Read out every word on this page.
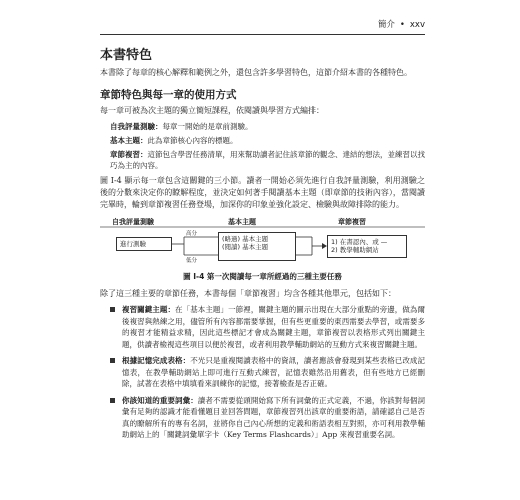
簡介 • xxv
本書特色

本書除了每章的核心解釋和範例之外，還包含許多學習特色，這節介紹本書的各種特色。

章節特色與每一章的使用方式

每一章可被為次主題的獨立簡短課程，依閱讀與學習方式編排：

自我評量測驗：每章一開始的是章前測驗。
基本主題：此為章節核心內容的標題。
章節複習：這節包含學習任務清單，用來幫助讀者記住該章節的觀念、達結的想法，並練習以找巧為主的內容。

圖 I-4 顯示每一章包含這關鍵的三小節。讀者一開始必須先進行自我評量測驗，利用測驗之後的分數來決定你的瞭解程度，並決定如何著手閱讀基本主題（即章節的技術內容），當閱讀完畢時，輪到章節複習任務登場，加深你的印象並強化設定、檢驗與故障排除的能力。

自我評量測驗	基本主題	章節複習
進行測驗
高分
低分
(略過) 基本主題
(閱讀) 基本主題
1) 在書認內、或 —
2) 教學輔助網站
圖 I-4 第一次閱讀每一章所經過的三種主要任務

除了這三種主要的章節任務，本書每個「章節複習」均含各種其他單元，包括如下：

複習關鍵主題：在「基本主題」一節裡，關鍵主題的圖示出現在大部分重點的旁邊，做為爾後複習與熱練之用，儘管所有內容都需要掌握，但有些更重要的東西需要去學習，或需要多的複習才能精益求精，因此這些標記才會成為關鍵主題，章節複習以表格形式列出關鍵主題，供讀者檢視這些項目以便於複習，或者利用教學輔助網站的互動方式來複習關鍵主題。
根據記憶完成表格：不光只是重複閱讀表格中的資訊，讀者應該會發現到某些表格已改成記憶表，在教學輔助網站上即可進行互動式練習，記憶表雖然沿用舊表，但有些地方已經刪除，試著在表格中填填看來訓練你的記憶，接著檢查是否正確。
你該知道的重要詞彙：讀者不需要從頭開始寫下所有詞彙的正式定義，不過，你該對每個詞彙有足夠的認識才能看懂題目並回答問題，章節複習列出該章的重要術語，請確認自己是否真的瞭解所有的專有名詞，並將你自己內心所想的定義和術語表相互對照，亦可利用教學輔助網站上的「關鍵詞彙單字卡（Key Terms Flashcards）」App 來複習重要名詞。
